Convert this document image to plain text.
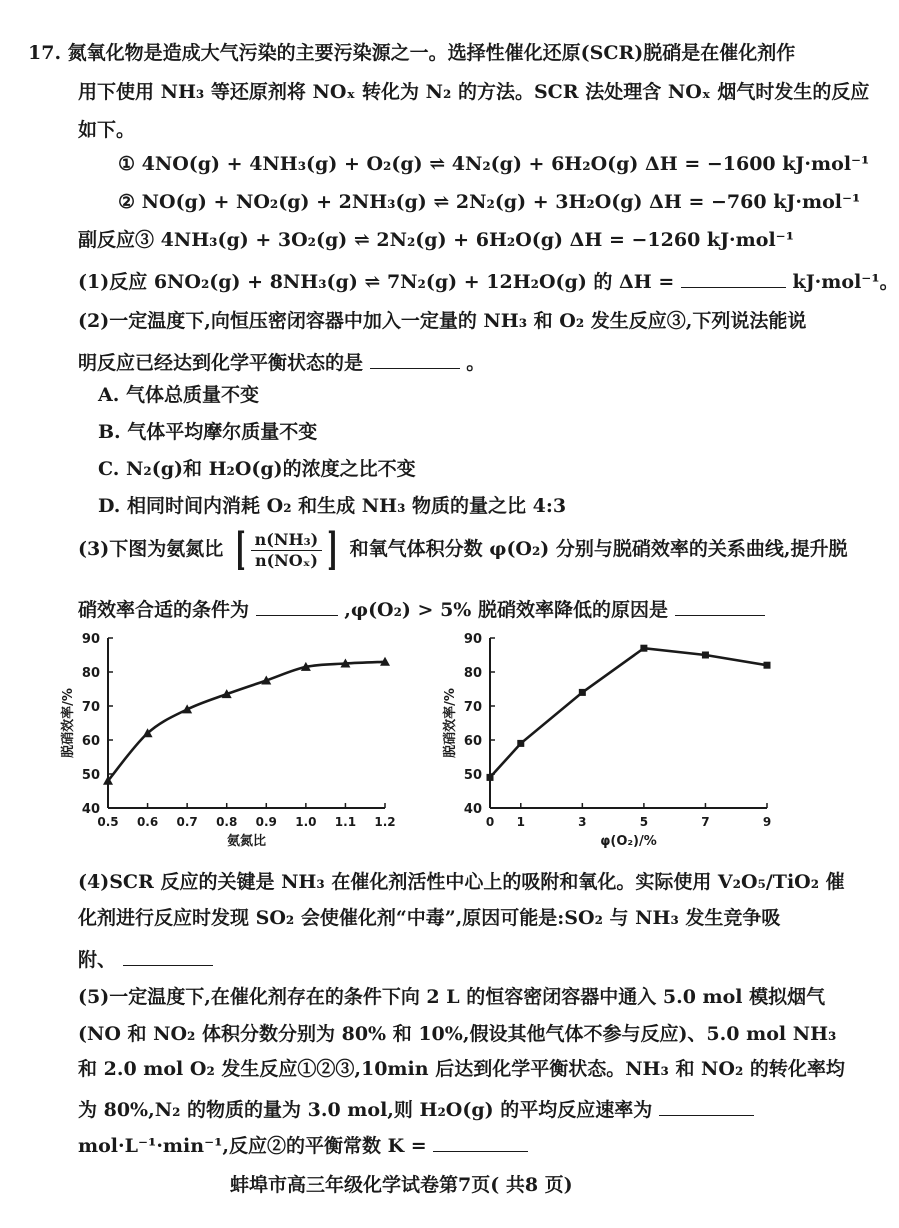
17. 氮氧化物是造成大气污染的主要污染源之一。选择性催化还原(SCR)脱硝是在催化剂作
用下使用 NH₃ 等还原剂将 NOₓ 转化为 N₂ 的方法。SCR 法处理含 NOₓ 烟气时发生的反应
如下。
① 4NO(g) + 4NH₃(g) + O₂(g) ⇌ 4N₂(g) + 6H₂O(g) ΔH = −1600 kJ·mol⁻¹
② NO(g) + NO₂(g) + 2NH₃(g) ⇌ 2N₂(g) + 3H₂O(g) ΔH = −760 kJ·mol⁻¹
副反应③ 4NH₃(g) + 3O₂(g) ⇌ 2N₂(g) + 6H₂O(g) ΔH = −1260 kJ·mol⁻¹
(1)反应 6NO₂(g) + 8NH₃(g) ⇌ 7N₂(g) + 12H₂O(g) 的 ΔH =	kJ·mol⁻¹。
(2)一定温度下,向恒压密闭容器中加入一定量的 NH₃ 和 O₂ 发生反应③,下列说法能说
明反应已经达到化学平衡状态的是	。
A. 气体总质量不变
B. 气体平均摩尔质量不变
C. N₂(g)和 H₂O(g)的浓度之比不变
D. 相同时间内消耗 O₂ 和生成 NH₃ 物质的量之比 4:3
(3)下图为氨氮比 [ $\frac{\text{n(NH₃)}}{\text{n(NOₓ)}}$ ] 和氧气体积分数 φ(O₂) 分别与脱硝效率的关系曲线,提升脱
硝效率合适的条件为	,φ(O₂) > 5% 脱硝效率降低的原因是
40
50
60
70
80
90
0.5 0.6 0.7 0.8 0.9 1.0 1.1 1.2
氨氮比
脱硝效率/%
40
50
60
70
80
90
0 1	3	5	7	9
φ(O₂)/%
脱硝效率/%
(4)SCR 反应的关键是 NH₃ 在催化剂活性中心上的吸附和氧化。实际使用 V₂O₅/TiO₂ 催
化剂进行反应时发现 SO₂ 会使催化剂“中毒”,原因可能是:SO₂ 与 NH₃ 发生竞争吸
附、
(5)一定温度下,在催化剂存在的条件下向 2 L 的恒容密闭容器中通入 5.0 mol 模拟烟气
(NO 和 NO₂ 体积分数分别为 80% 和 10%,假设其他气体不参与反应)、5.0 mol NH₃
和 2.0 mol O₂ 发生反应①②③,10min 后达到化学平衡状态。NH₃ 和 NO₂ 的转化率均
为 80%,N₂ 的物质的量为 3.0 mol,则 H₂O(g) 的平均反应速率为
mol·L⁻¹·min⁻¹,反应②的平衡常数 K =
蚌埠市高三年级化学试卷第7页( 共8 页)
